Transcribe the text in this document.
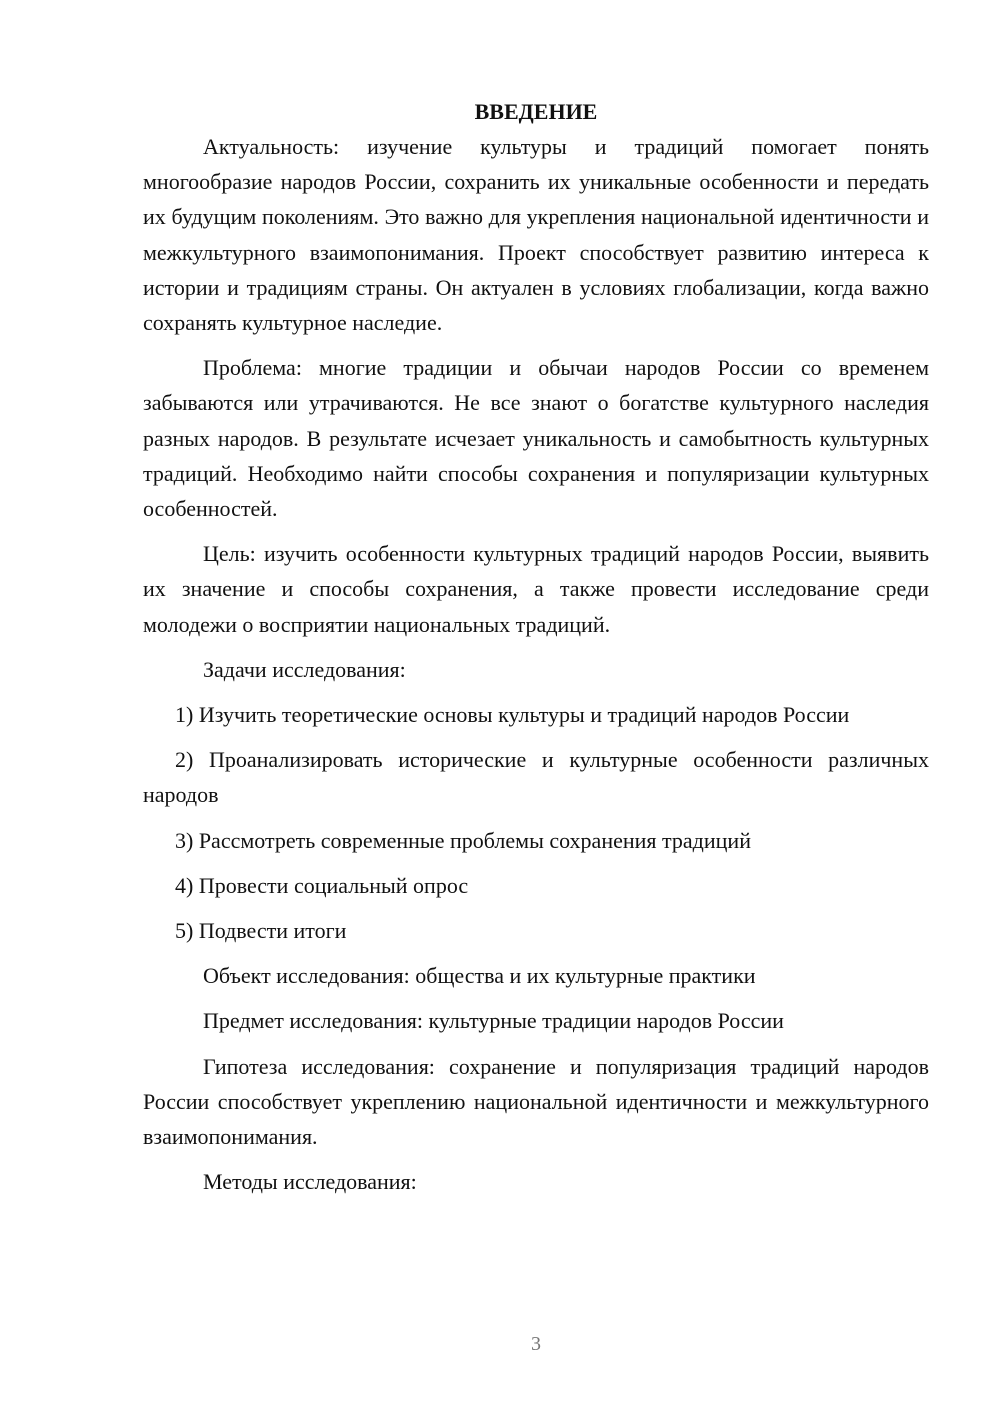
ВВЕДЕНИЕ

Актуальность: изучение культуры и традиций помогает понять многообразие народов России, сохранить их уникальные особенности и передать их будущим поколениям. Это важно для укрепления национальной идентичности и межкультурного взаимопонимания. Проект способствует развитию интереса к истории и традициям страны. Он актуален в условиях глобализации, когда важно сохранять культурное наследие.

Проблема: многие традиции и обычаи народов России со временем забываются или утрачиваются. Не все знают о богатстве культурного наследия разных народов. В результате исчезает уникальность и самобытность культурных традиций. Необходимо найти способы сохранения и популяризации культурных особенностей.

Цель: изучить особенности культурных традиций народов России, выявить их значение и способы сохранения, а также провести исследование среди молодежи о восприятии национальных традиций.

Задачи исследования:

1) Изучить теоретические основы культуры и традиций народов России

2) Проанализировать исторические и культурные особенности различных народов

3) Рассмотреть современные проблемы сохранения традиций

4) Провести социальный опрос

5) Подвести итоги

Объект исследования: общества и их культурные практики

Предмет исследования: культурные традиции народов России

Гипотеза исследования: сохранение и популяризация традиций народов России способствует укреплению национальной идентичности и межкультурного взаимопонимания.

Методы исследования:

3
